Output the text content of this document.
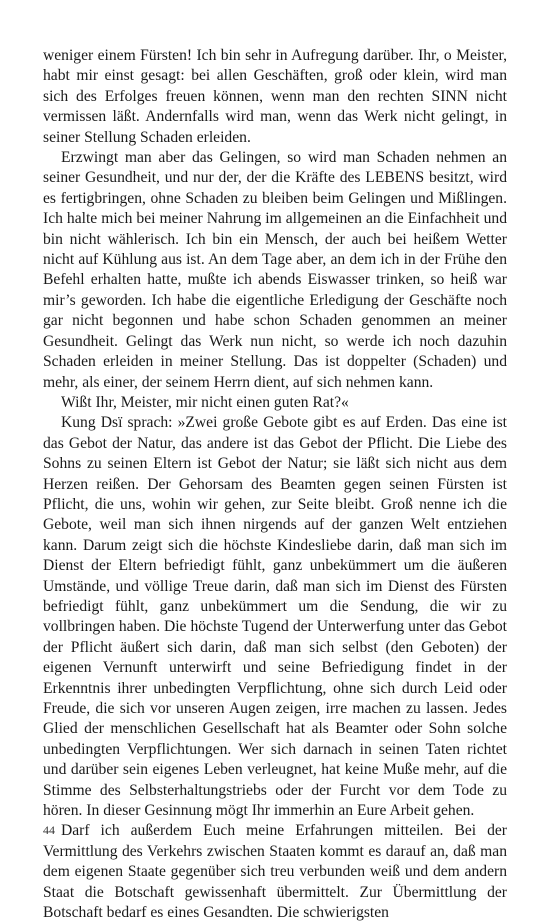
weniger einem Fürsten! Ich bin sehr in Aufregung darüber. Ihr, o Meister, habt mir einst gesagt: bei allen Geschäften, groß oder klein, wird man sich des Erfolges freuen können, wenn man den rechten SINN nicht vermissen läßt. Andernfalls wird man, wenn das Werk nicht gelingt, in seiner Stellung Schaden erleiden.

Erzwingt man aber das Gelingen, so wird man Schaden nehmen an seiner Gesundheit, und nur der, der die Kräfte des LEBENS besitzt, wird es fertigbringen, ohne Schaden zu bleiben beim Gelingen und Mißlingen. Ich halte mich bei meiner Nahrung im allgemeinen an die Einfachheit und bin nicht wählerisch. Ich bin ein Mensch, der auch bei heißem Wetter nicht auf Kühlung aus ist. An dem Tage aber, an dem ich in der Frühe den Befehl erhalten hatte, mußte ich abends Eiswasser trinken, so heiß war mir’s geworden. Ich habe die eigentliche Erledigung der Geschäfte noch gar nicht begonnen und habe schon Schaden genommen an meiner Gesundheit. Gelingt das Werk nun nicht, so werde ich noch dazuhin Schaden erleiden in meiner Stellung. Das ist doppelter (Schaden) und mehr, als einer, der seinem Herrn dient, auf sich nehmen kann.

Wißt Ihr, Meister, mir nicht einen guten Rat?«

Kung Dsï sprach: »Zwei große Gebote gibt es auf Erden. Das eine ist das Gebot der Natur, das andere ist das Gebot der Pflicht. Die Liebe des Sohns zu seinen Eltern ist Gebot der Natur; sie läßt sich nicht aus dem Herzen reißen. Der Gehorsam des Beamten gegen seinen Fürsten ist Pflicht, die uns, wohin wir gehen, zur Seite bleibt. Groß nenne ich die Gebote, weil man sich ihnen nirgends auf der ganzen Welt entziehen kann. Darum zeigt sich die höchste Kindesliebe darin, daß man sich im Dienst der Eltern befriedigt fühlt, ganz unbekümmert um die äußeren Umstände, und völlige Treue darin, daß man sich im Dienst des Fürsten befriedigt fühlt, ganz unbekümmert um die Sendung, die wir zu vollbringen haben. Die höchste Tugend der Unterwerfung unter das Gebot der Pflicht äußert sich darin, daß man sich selbst (den Geboten) der eigenen Vernunft unterwirft und seine Befriedigung findet in der Erkenntnis ihrer unbedingten Verpflichtung, ohne sich durch Leid oder Freude, die sich vor unseren Augen zeigen, irre machen zu lassen. Jedes Glied der menschlichen Gesellschaft hat als Beamter oder Sohn solche unbedingten Verpflichtungen. Wer sich darnach in seinen Taten richtet und darüber sein eigenes Leben verleugnet, hat keine Muße mehr, auf die Stimme des Selbsterhaltungstriebs oder der Furcht vor dem Tode zu hören. In dieser Gesinnung mögt Ihr immerhin an Eure Arbeit gehen.

Darf ich außerdem Euch meine Erfahrungen mitteilen. Bei der Vermittlung des Verkehrs zwischen Staaten kommt es darauf an, daß man dem eigenen Staate gegenüber sich treu verbunden weiß und dem andern Staat die Botschaft gewissenhaft übermittelt. Zur Übermittlung der Botschaft bedarf es eines Gesandten. Die schwierigsten

44
